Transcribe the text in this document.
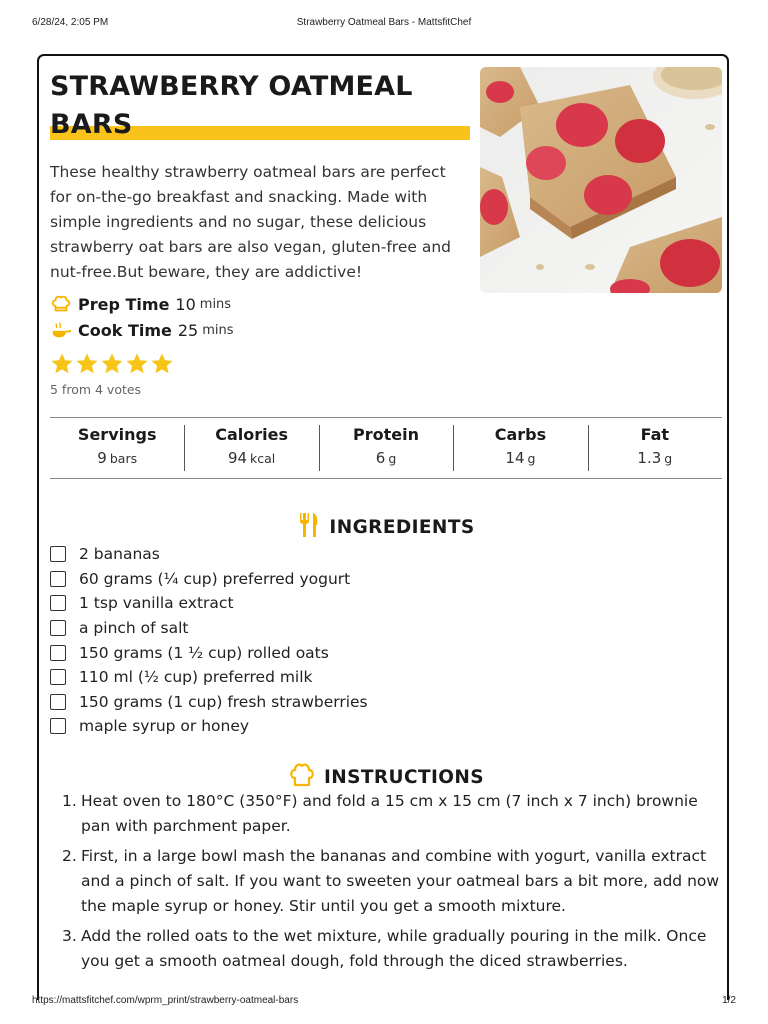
6/28/24, 2:05 PM	Strawberry Oatmeal Bars - MattsfitChef
STRAWBERRY OATMEAL
BARS
These healthy strawberry oatmeal bars are perfect for on-the-go breakfast and snacking. Made with simple ingredients and no sugar, these delicious strawberry oat bars are also vegan, gluten-free and nut-free.But beware, they are addictive!
Prep Time 10 mins
Cook Time 25 mins
5 from 4 votes
Servings
9 bars
Calories
94 kcal
Protein
6 g
Carbs
14 g
Fat
1.3 g
INGREDIENTS
2 bananas
60 grams (¼ cup) preferred yogurt
1 tsp vanilla extract
a pinch of salt
150 grams (1 ½ cup) rolled oats
110 ml (½ cup) preferred milk
150 grams (1 cup) fresh strawberries
maple syrup or honey
INSTRUCTIONS
1. Heat oven to 180°C (350°F) and fold a 15 cm x 15 cm (7 inch x 7 inch) brownie pan with parchment paper.
2. First, in a large bowl mash the bananas and combine with yogurt, vanilla extract and a pinch of salt. If you want to sweeten your oatmeal bars a bit more, add now the maple syrup or honey. Stir until you get a smooth mixture.
3. Add the rolled oats to the wet mixture, while gradually pouring in the milk. Once you get a smooth oatmeal dough, fold through the diced strawberries.
https://mattsfitchef.com/wprm_print/strawberry-oatmeal-bars	1/2
